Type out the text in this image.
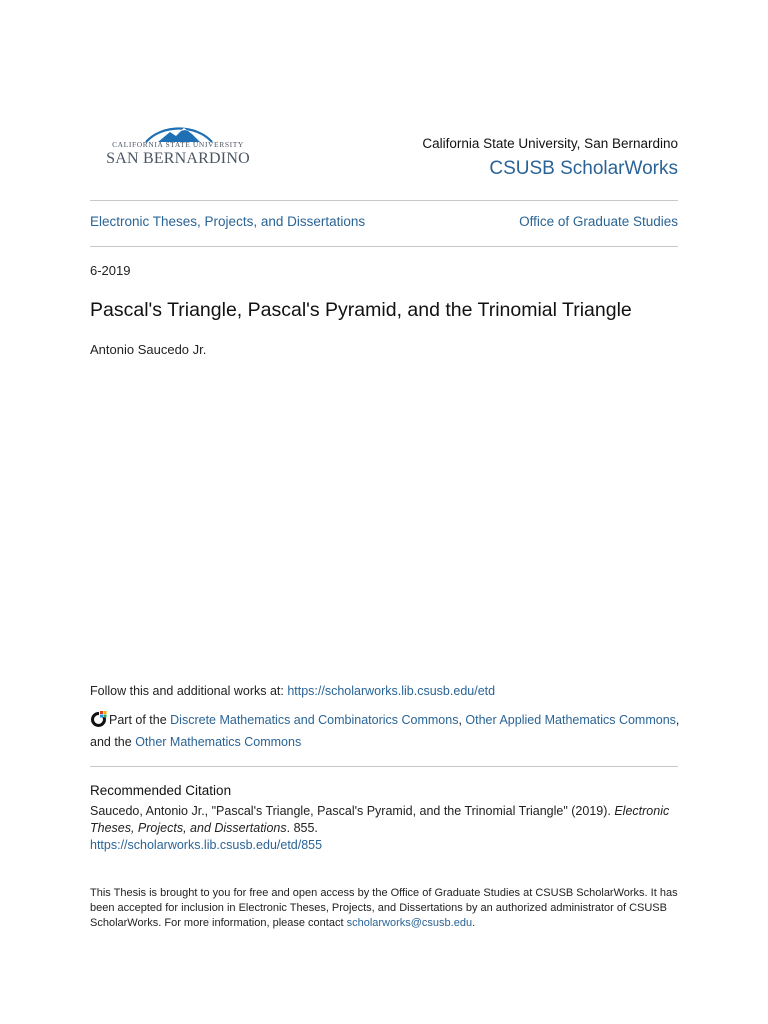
CALIFORNIA STATE UNIVERSITY
SAN BERNARDINO
California State University, San Bernardino
CSUSB ScholarWorks
Electronic Theses, Projects, and Dissertations	Office of Graduate Studies
6-2019
Pascal's Triangle, Pascal's Pyramid, and the Trinomial Triangle
Antonio Saucedo Jr.
Follow this and additional works at: https://scholarworks.lib.csusb.edu/etd
Part of the Discrete Mathematics and Combinatorics Commons, Other Applied Mathematics Commons, and the Other Mathematics Commons
Recommended Citation
Saucedo, Antonio Jr., "Pascal's Triangle, Pascal's Pyramid, and the Trinomial Triangle" (2019). Electronic Theses, Projects, and Dissertations. 855.
https://scholarworks.lib.csusb.edu/etd/855
This Thesis is brought to you for free and open access by the Office of Graduate Studies at CSUSB ScholarWorks. It has been accepted for inclusion in Electronic Theses, Projects, and Dissertations by an authorized administrator of CSUSB ScholarWorks. For more information, please contact scholarworks@csusb.edu.
